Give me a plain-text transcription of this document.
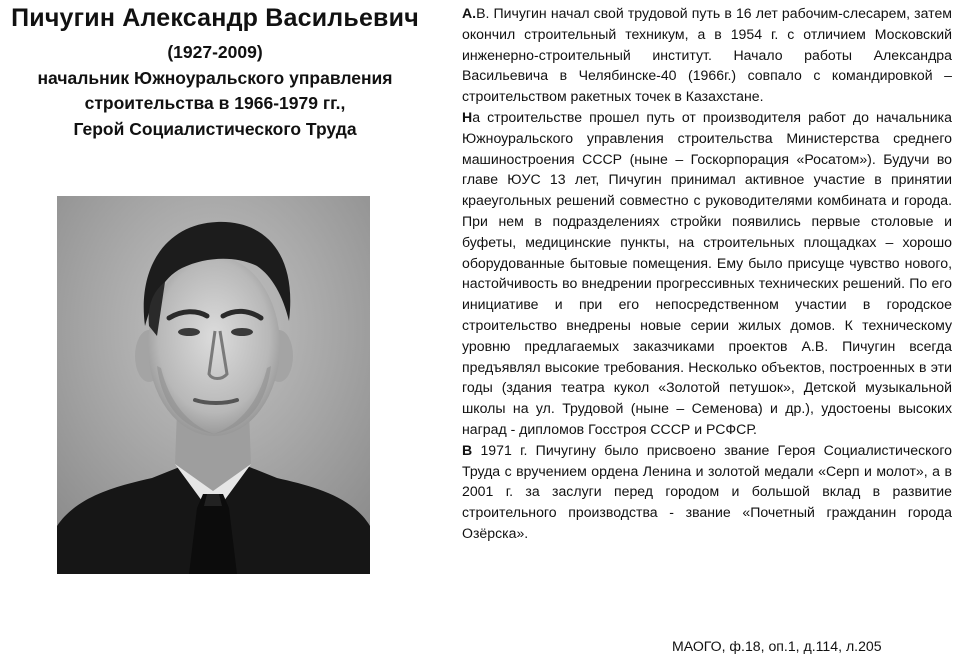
Пичугин Александр Васильевич
(1927-2009)
начальник Южноуральского управления
строительства в 1966-1979 гг.,
Герой Социалистического Труда

А.В. Пичугин начал свой трудовой путь в 16 лет рабочим-слесарем, затем окончил строительный техникум, а в 1954 г. с отличием Московский инженерно-строительный институт. Начало работы Александра Васильевича в Челябинске-40 (1966г.) совпало с командировкой – строительством ракетных точек в Казахстане.

На строительстве прошел путь от производителя работ до начальника Южноуральского управления строительства Министерства среднего машиностроения СССР (ныне – Госкорпорация «Росатом»). Будучи во главе ЮУС 13 лет, Пичугин принимал активное участие в принятии краеугольных решений совместно с руководителями комбината и города. При нем в подразделениях стройки появились первые столовые и буфеты, медицинские пункты, на строительных площадках – хорошо оборудованные бытовые помещения. Ему было присуще чувство нового, настойчивость во внедрении прогрессивных технических решений. По его инициативе и при его непосредственном участии в городское строительство внедрены новые серии жилых домов. К техническому уровню предлагаемых заказчиками проектов А.В. Пичугин всегда предъявлял высокие требования. Несколько объектов, построенных в эти годы (здания театра кукол «Золотой петушок», Детской музыкальной школы на ул. Трудовой (ныне – Семенова) и др.), удостоены высоких наград - дипломов Госстроя СССР и РСФСР.

В 1971 г. Пичугину было присвоено звание Героя Социалистического Труда с вручением ордена Ленина и золотой медали «Серп и молот», а в 2001 г. за заслуги перед городом и большой вклад в развитие строительного производства - звание «Почетный гражданин города Озёрска».

МАОГО, ф.18, оп.1, д.114, л.205
